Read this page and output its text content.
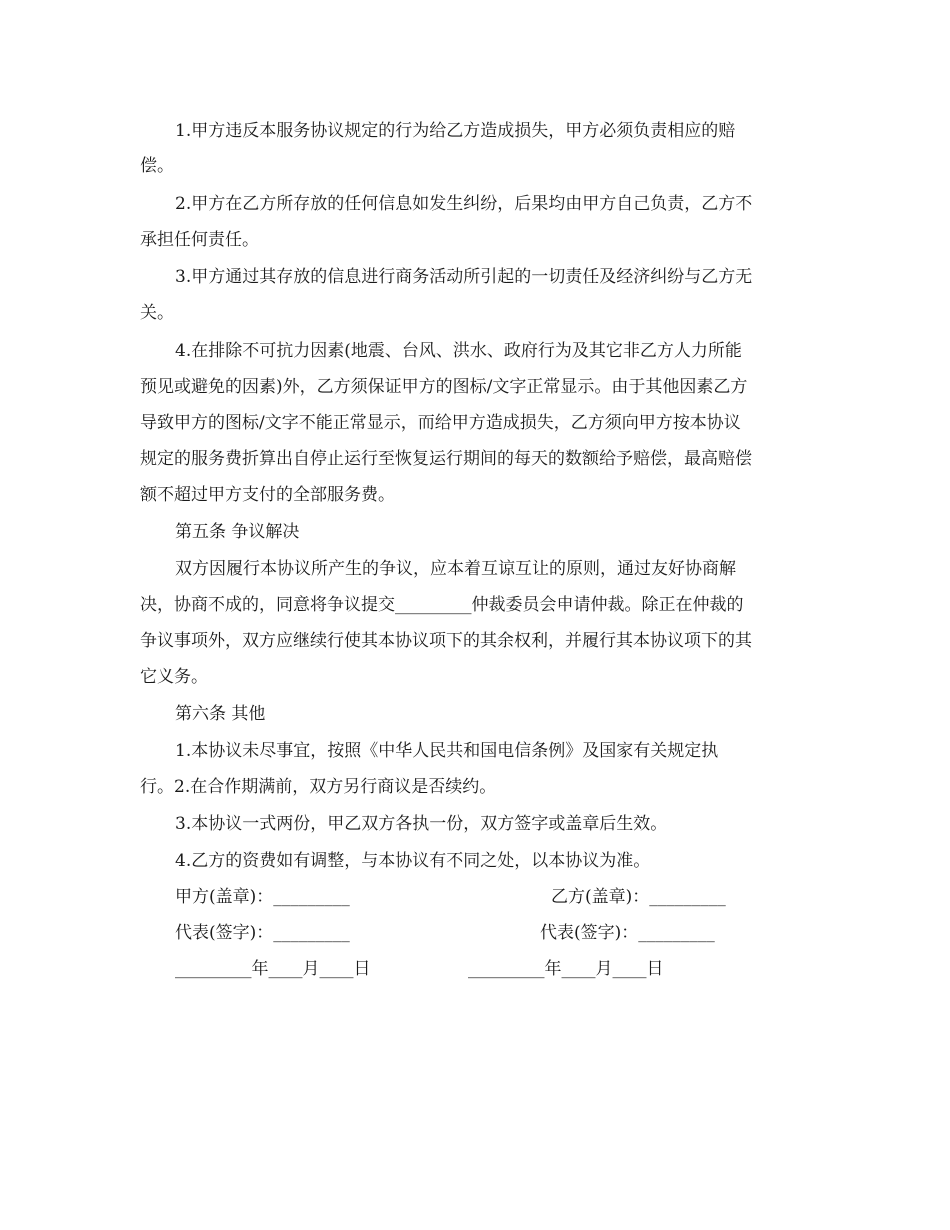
1.甲方违反本服务协议规定的行为给乙方造成损失，甲方必须负责相应的赔
偿。
2.甲方在乙方所存放的任何信息如发生纠纷，后果均由甲方自己负责，乙方不
承担任何责任。
3.甲方通过其存放的信息进行商务活动所引起的一切责任及经济纠纷与乙方无
关。
4.在排除不可抗力因素(地震、台风、洪水、政府行为及其它非乙方人力所能
预见或避免的因素)外，乙方须保证甲方的图标/文字正常显示。由于其他因素乙方
导致甲方的图标/文字不能正常显示，而给甲方造成损失，乙方须向甲方按本协议
规定的服务费折算出自停止运行至恢复运行期间的每天的数额给予赔偿，最高赔偿
额不超过甲方支付的全部服务费。
第五条 争议解决
双方因履行本协议所产生的争议，应本着互谅互让的原则，通过友好协商解
决，协商不成的，同意将争议提交_________仲裁委员会申请仲裁。除正在仲裁的
争议事项外，双方应继续行使其本协议项下的其余权利，并履行其本协议项下的其
它义务。
第六条 其他
1.本协议未尽事宜，按照《中华人民共和国电信条例》及国家有关规定执
行。2.在合作期满前，双方另行商议是否续约。
3.本协议一式两份，甲乙双方各执一份，双方签字或盖章后生效。
4.乙方的资费如有调整，与本协议有不同之处，以本协议为准。
甲方(盖章)：_________	乙方(盖章)：_________
代表(签字)：_________	代表(签字)：_________
_________年____月____日	_________年____月____日
